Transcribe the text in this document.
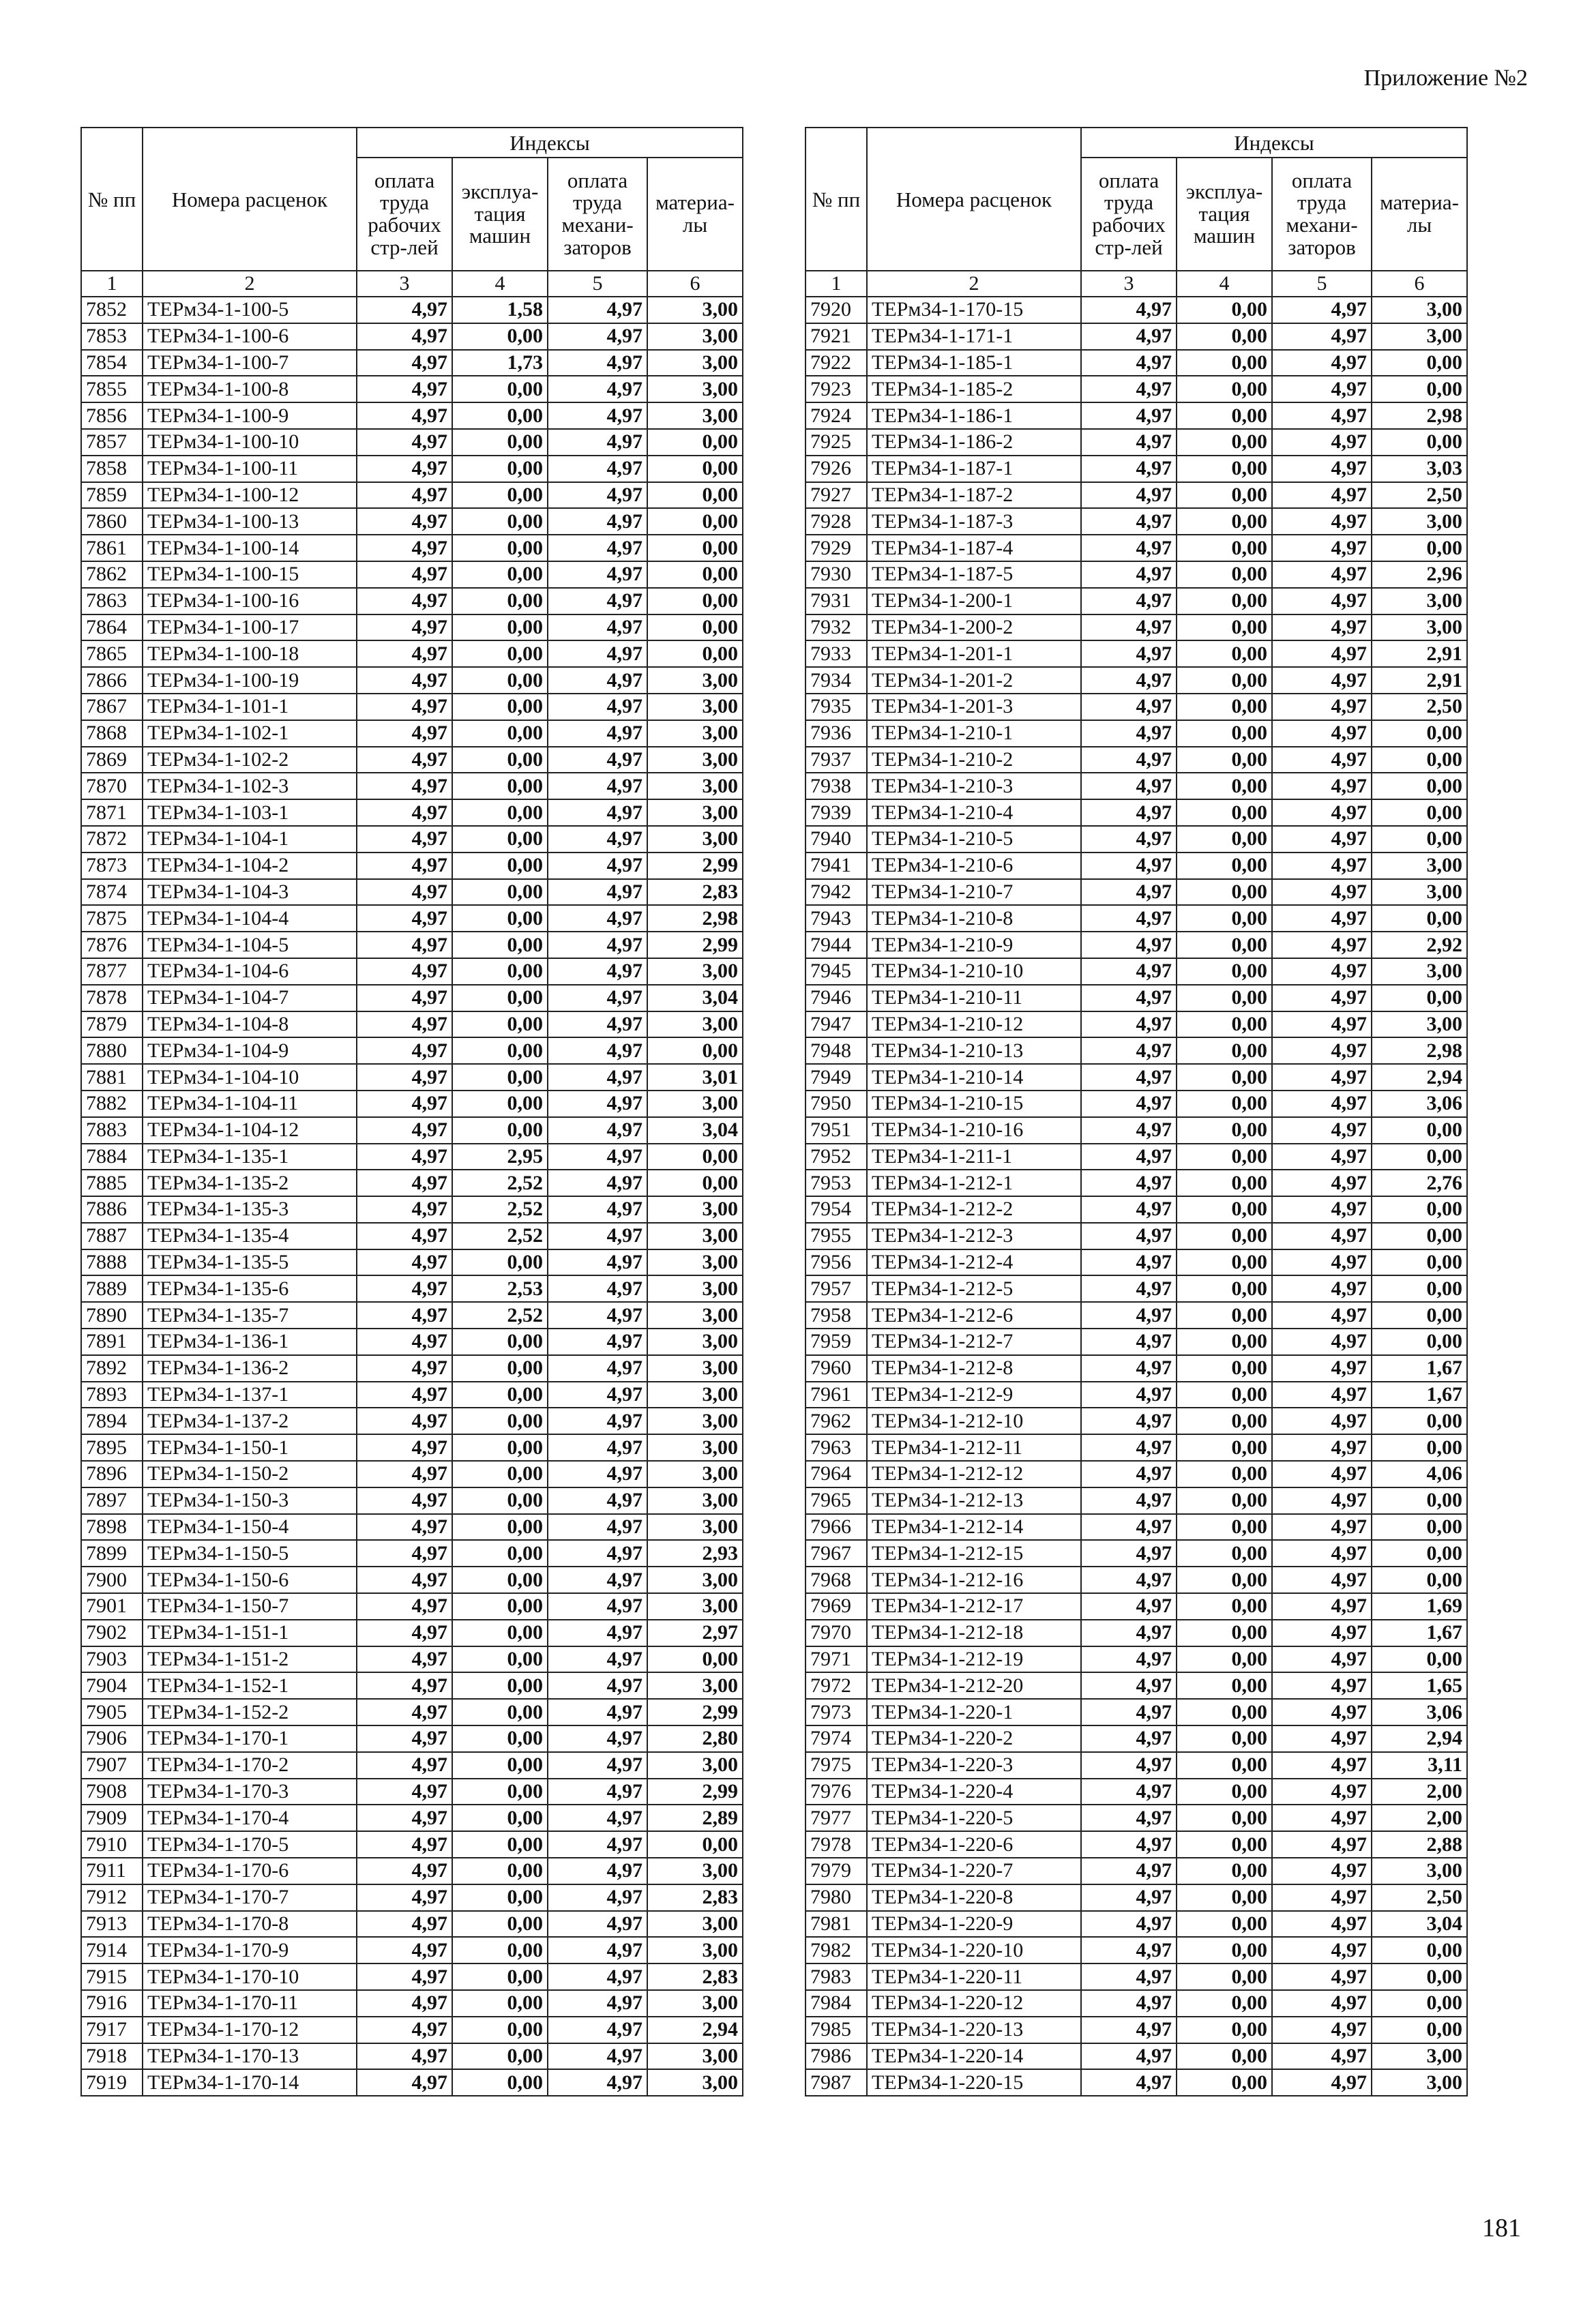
Приложение №2
№ пп	Номера расценок	Индексы			
		оплата труда рабочих стр-лей	эксплуа-тация машин	оплата труда механи-заторов	материа-лы
1	2	3	4	5	6
7852	ТЕРм34-1-100-5	4,97	1,58	4,97	3,00
7853	ТЕРм34-1-100-6	4,97	0,00	4,97	3,00
7854	ТЕРм34-1-100-7	4,97	1,73	4,97	3,00
7855	ТЕРм34-1-100-8	4,97	0,00	4,97	3,00
7856	ТЕРм34-1-100-9	4,97	0,00	4,97	3,00
7857	ТЕРм34-1-100-10	4,97	0,00	4,97	0,00
7858	ТЕРм34-1-100-11	4,97	0,00	4,97	0,00
7859	ТЕРм34-1-100-12	4,97	0,00	4,97	0,00
7860	ТЕРм34-1-100-13	4,97	0,00	4,97	0,00
7861	ТЕРм34-1-100-14	4,97	0,00	4,97	0,00
7862	ТЕРм34-1-100-15	4,97	0,00	4,97	0,00
7863	ТЕРм34-1-100-16	4,97	0,00	4,97	0,00
7864	ТЕРм34-1-100-17	4,97	0,00	4,97	0,00
7865	ТЕРм34-1-100-18	4,97	0,00	4,97	0,00
7866	ТЕРм34-1-100-19	4,97	0,00	4,97	3,00
7867	ТЕРм34-1-101-1	4,97	0,00	4,97	3,00
7868	ТЕРм34-1-102-1	4,97	0,00	4,97	3,00
7869	ТЕРм34-1-102-2	4,97	0,00	4,97	3,00
7870	ТЕРм34-1-102-3	4,97	0,00	4,97	3,00
7871	ТЕРм34-1-103-1	4,97	0,00	4,97	3,00
7872	ТЕРм34-1-104-1	4,97	0,00	4,97	3,00
7873	ТЕРм34-1-104-2	4,97	0,00	4,97	2,99
7874	ТЕРм34-1-104-3	4,97	0,00	4,97	2,83
7875	ТЕРм34-1-104-4	4,97	0,00	4,97	2,98
7876	ТЕРм34-1-104-5	4,97	0,00	4,97	2,99
7877	ТЕРм34-1-104-6	4,97	0,00	4,97	3,00
7878	ТЕРм34-1-104-7	4,97	0,00	4,97	3,04
7879	ТЕРм34-1-104-8	4,97	0,00	4,97	3,00
7880	ТЕРм34-1-104-9	4,97	0,00	4,97	0,00
7881	ТЕРм34-1-104-10	4,97	0,00	4,97	3,01
7882	ТЕРм34-1-104-11	4,97	0,00	4,97	3,00
7883	ТЕРм34-1-104-12	4,97	0,00	4,97	3,04
7884	ТЕРм34-1-135-1	4,97	2,95	4,97	0,00
7885	ТЕРм34-1-135-2	4,97	2,52	4,97	0,00
7886	ТЕРм34-1-135-3	4,97	2,52	4,97	3,00
7887	ТЕРм34-1-135-4	4,97	2,52	4,97	3,00
7888	ТЕРм34-1-135-5	4,97	0,00	4,97	3,00
7889	ТЕРм34-1-135-6	4,97	2,53	4,97	3,00
7890	ТЕРм34-1-135-7	4,97	2,52	4,97	3,00
7891	ТЕРм34-1-136-1	4,97	0,00	4,97	3,00
7892	ТЕРм34-1-136-2	4,97	0,00	4,97	3,00
7893	ТЕРм34-1-137-1	4,97	0,00	4,97	3,00
7894	ТЕРм34-1-137-2	4,97	0,00	4,97	3,00
7895	ТЕРм34-1-150-1	4,97	0,00	4,97	3,00
7896	ТЕРм34-1-150-2	4,97	0,00	4,97	3,00
7897	ТЕРм34-1-150-3	4,97	0,00	4,97	3,00
7898	ТЕРм34-1-150-4	4,97	0,00	4,97	3,00
7899	ТЕРм34-1-150-5	4,97	0,00	4,97	2,93
7900	ТЕРм34-1-150-6	4,97	0,00	4,97	3,00
7901	ТЕРм34-1-150-7	4,97	0,00	4,97	3,00
7902	ТЕРм34-1-151-1	4,97	0,00	4,97	2,97
7903	ТЕРм34-1-151-2	4,97	0,00	4,97	0,00
7904	ТЕРм34-1-152-1	4,97	0,00	4,97	3,00
7905	ТЕРм34-1-152-2	4,97	0,00	4,97	2,99
7906	ТЕРм34-1-170-1	4,97	0,00	4,97	2,80
7907	ТЕРм34-1-170-2	4,97	0,00	4,97	3,00
7908	ТЕРм34-1-170-3	4,97	0,00	4,97	2,99
7909	ТЕРм34-1-170-4	4,97	0,00	4,97	2,89
7910	ТЕРм34-1-170-5	4,97	0,00	4,97	0,00
7911	ТЕРм34-1-170-6	4,97	0,00	4,97	3,00
7912	ТЕРм34-1-170-7	4,97	0,00	4,97	2,83
7913	ТЕРм34-1-170-8	4,97	0,00	4,97	3,00
7914	ТЕРм34-1-170-9	4,97	0,00	4,97	3,00
7915	ТЕРм34-1-170-10	4,97	0,00	4,97	2,83
7916	ТЕРм34-1-170-11	4,97	0,00	4,97	3,00
7917	ТЕРм34-1-170-12	4,97	0,00	4,97	2,94
7918	ТЕРм34-1-170-13	4,97	0,00	4,97	3,00
7919	ТЕРм34-1-170-14	4,97	0,00	4,97	3,00
№ пп	Номера расценок	Индексы			
		оплата труда рабочих стр-лей	эксплуа-тация машин	оплата труда механи-заторов	материа-лы
1	2	3	4	5	6
7920	ТЕРм34-1-170-15	4,97	0,00	4,97	3,00
7921	ТЕРм34-1-171-1	4,97	0,00	4,97	3,00
7922	ТЕРм34-1-185-1	4,97	0,00	4,97	0,00
7923	ТЕРм34-1-185-2	4,97	0,00	4,97	0,00
7924	ТЕРм34-1-186-1	4,97	0,00	4,97	2,98
7925	ТЕРм34-1-186-2	4,97	0,00	4,97	0,00
7926	ТЕРм34-1-187-1	4,97	0,00	4,97	3,03
7927	ТЕРм34-1-187-2	4,97	0,00	4,97	2,50
7928	ТЕРм34-1-187-3	4,97	0,00	4,97	3,00
7929	ТЕРм34-1-187-4	4,97	0,00	4,97	0,00
7930	ТЕРм34-1-187-5	4,97	0,00	4,97	2,96
7931	ТЕРм34-1-200-1	4,97	0,00	4,97	3,00
7932	ТЕРм34-1-200-2	4,97	0,00	4,97	3,00
7933	ТЕРм34-1-201-1	4,97	0,00	4,97	2,91
7934	ТЕРм34-1-201-2	4,97	0,00	4,97	2,91
7935	ТЕРм34-1-201-3	4,97	0,00	4,97	2,50
7936	ТЕРм34-1-210-1	4,97	0,00	4,97	0,00
7937	ТЕРм34-1-210-2	4,97	0,00	4,97	0,00
7938	ТЕРм34-1-210-3	4,97	0,00	4,97	0,00
7939	ТЕРм34-1-210-4	4,97	0,00	4,97	0,00
7940	ТЕРм34-1-210-5	4,97	0,00	4,97	0,00
7941	ТЕРм34-1-210-6	4,97	0,00	4,97	3,00
7942	ТЕРм34-1-210-7	4,97	0,00	4,97	3,00
7943	ТЕРм34-1-210-8	4,97	0,00	4,97	0,00
7944	ТЕРм34-1-210-9	4,97	0,00	4,97	2,92
7945	ТЕРм34-1-210-10	4,97	0,00	4,97	3,00
7946	ТЕРм34-1-210-11	4,97	0,00	4,97	0,00
7947	ТЕРм34-1-210-12	4,97	0,00	4,97	3,00
7948	ТЕРм34-1-210-13	4,97	0,00	4,97	2,98
7949	ТЕРм34-1-210-14	4,97	0,00	4,97	2,94
7950	ТЕРм34-1-210-15	4,97	0,00	4,97	3,06
7951	ТЕРм34-1-210-16	4,97	0,00	4,97	0,00
7952	ТЕРм34-1-211-1	4,97	0,00	4,97	0,00
7953	ТЕРм34-1-212-1	4,97	0,00	4,97	2,76
7954	ТЕРм34-1-212-2	4,97	0,00	4,97	0,00
7955	ТЕРм34-1-212-3	4,97	0,00	4,97	0,00
7956	ТЕРм34-1-212-4	4,97	0,00	4,97	0,00
7957	ТЕРм34-1-212-5	4,97	0,00	4,97	0,00
7958	ТЕРм34-1-212-6	4,97	0,00	4,97	0,00
7959	ТЕРм34-1-212-7	4,97	0,00	4,97	0,00
7960	ТЕРм34-1-212-8	4,97	0,00	4,97	1,67
7961	ТЕРм34-1-212-9	4,97	0,00	4,97	1,67
7962	ТЕРм34-1-212-10	4,97	0,00	4,97	0,00
7963	ТЕРм34-1-212-11	4,97	0,00	4,97	0,00
7964	ТЕРм34-1-212-12	4,97	0,00	4,97	4,06
7965	ТЕРм34-1-212-13	4,97	0,00	4,97	0,00
7966	ТЕРм34-1-212-14	4,97	0,00	4,97	0,00
7967	ТЕРм34-1-212-15	4,97	0,00	4,97	0,00
7968	ТЕРм34-1-212-16	4,97	0,00	4,97	0,00
7969	ТЕРм34-1-212-17	4,97	0,00	4,97	1,69
7970	ТЕРм34-1-212-18	4,97	0,00	4,97	1,67
7971	ТЕРм34-1-212-19	4,97	0,00	4,97	0,00
7972	ТЕРм34-1-212-20	4,97	0,00	4,97	1,65
7973	ТЕРм34-1-220-1	4,97	0,00	4,97	3,06
7974	ТЕРм34-1-220-2	4,97	0,00	4,97	2,94
7975	ТЕРм34-1-220-3	4,97	0,00	4,97	3,11
7976	ТЕРм34-1-220-4	4,97	0,00	4,97	2,00
7977	ТЕРм34-1-220-5	4,97	0,00	4,97	2,00
7978	ТЕРм34-1-220-6	4,97	0,00	4,97	2,88
7979	ТЕРм34-1-220-7	4,97	0,00	4,97	3,00
7980	ТЕРм34-1-220-8	4,97	0,00	4,97	2,50
7981	ТЕРм34-1-220-9	4,97	0,00	4,97	3,04
7982	ТЕРм34-1-220-10	4,97	0,00	4,97	0,00
7983	ТЕРм34-1-220-11	4,97	0,00	4,97	0,00
7984	ТЕРм34-1-220-12	4,97	0,00	4,97	0,00
7985	ТЕРм34-1-220-13	4,97	0,00	4,97	0,00
7986	ТЕРм34-1-220-14	4,97	0,00	4,97	3,00
7987	ТЕРм34-1-220-15	4,97	0,00	4,97	3,00
181
